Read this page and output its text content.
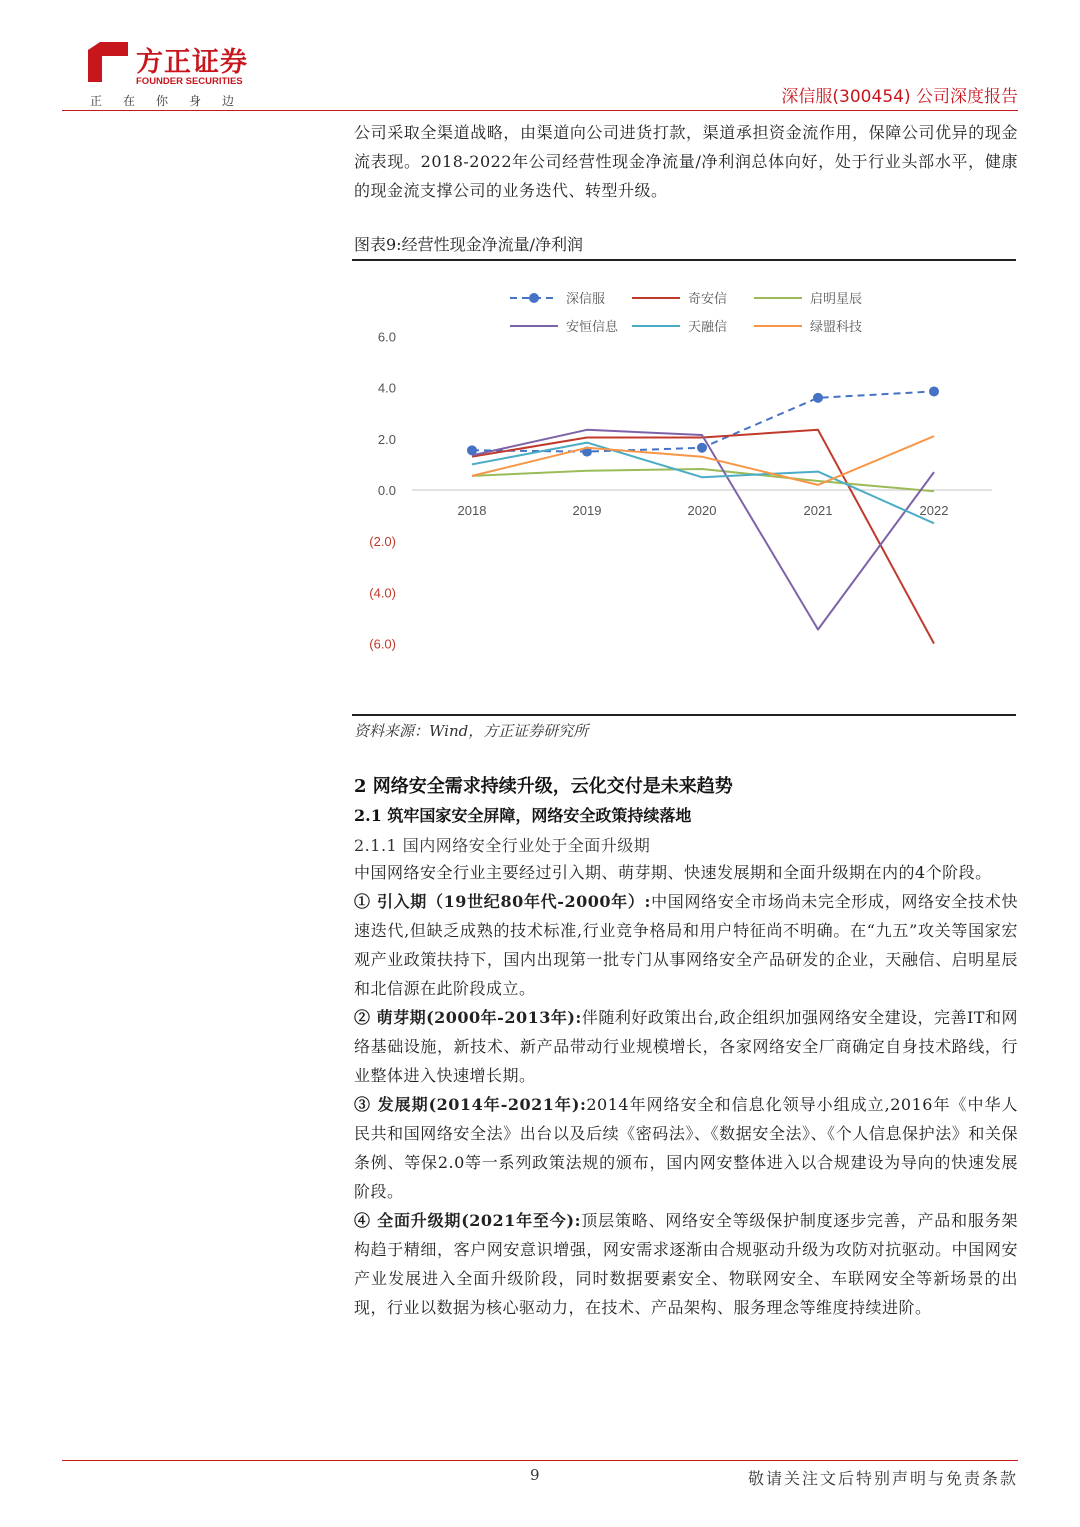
方正证券
FOUNDER SECURITIES
正在你身边	深信服(300454) 公司深度报告
公司采取全渠道战略，由渠道向公司进货打款，渠道承担资金流作用，保障公司优异的现金流表现。2018-2022年公司经营性现金净流量/净利润总体向好，处于行业头部水平，健康的现金流支撑公司的业务迭代、转型升级。
图表9:经营性现金净流量/净利润
深信服	奇安信	启明星辰
安恒信息	天融信	绿盟科技
6.0
4.0
2.0
0.0
(2.0)
(4.0)
(6.0)
2018	2019	2020	2021	2022
资料来源：Wind，方正证券研究所
2 网络安全需求持续升级，云化交付是未来趋势
2.1 筑牢国家安全屏障，网络安全政策持续落地
2.1.1 国内网络安全行业处于全面升级期
中国网络安全行业主要经过引入期、萌芽期、快速发展期和全面升级期在内的4个阶段。
① 引入期（19世纪80年代-2000年）:中国网络安全市场尚未完全形成，网络安全技术快速迭代,但缺乏成熟的技术标准,行业竞争格局和用户特征尚不明确。在“九五”攻关等国家宏观产业政策扶持下，国内出现第一批专门从事网络安全产品研发的企业，天融信、启明星辰和北信源在此阶段成立。
② 萌芽期(2000年-2013年):伴随利好政策出台,政企组织加强网络安全建设，完善IT和网络基础设施，新技术、新产品带动行业规模增长，各家网络安全厂商确定自身技术路线，行业整体进入快速增长期。
③ 发展期(2014年-2021年):2014年网络安全和信息化领导小组成立,2016年《中华人民共和国网络安全法》出台以及后续《密码法》、《数据安全法》、《个人信息保护法》和关保条例、等保2.0等一系列政策法规的颁布，国内网安整体进入以合规建设为导向的快速发展阶段。
④ 全面升级期(2021年至今):顶层策略、网络安全等级保护制度逐步完善，产品和服务架构趋于精细，客户网安意识增强，网安需求逐渐由合规驱动升级为攻防对抗驱动。中国网安产业发展进入全面升级阶段，同时数据要素安全、物联网安全、车联网安全等新场景的出现，行业以数据为核心驱动力，在技术、产品架构、服务理念等维度持续进阶。
9	敬请关注文后特别声明与免责条款
